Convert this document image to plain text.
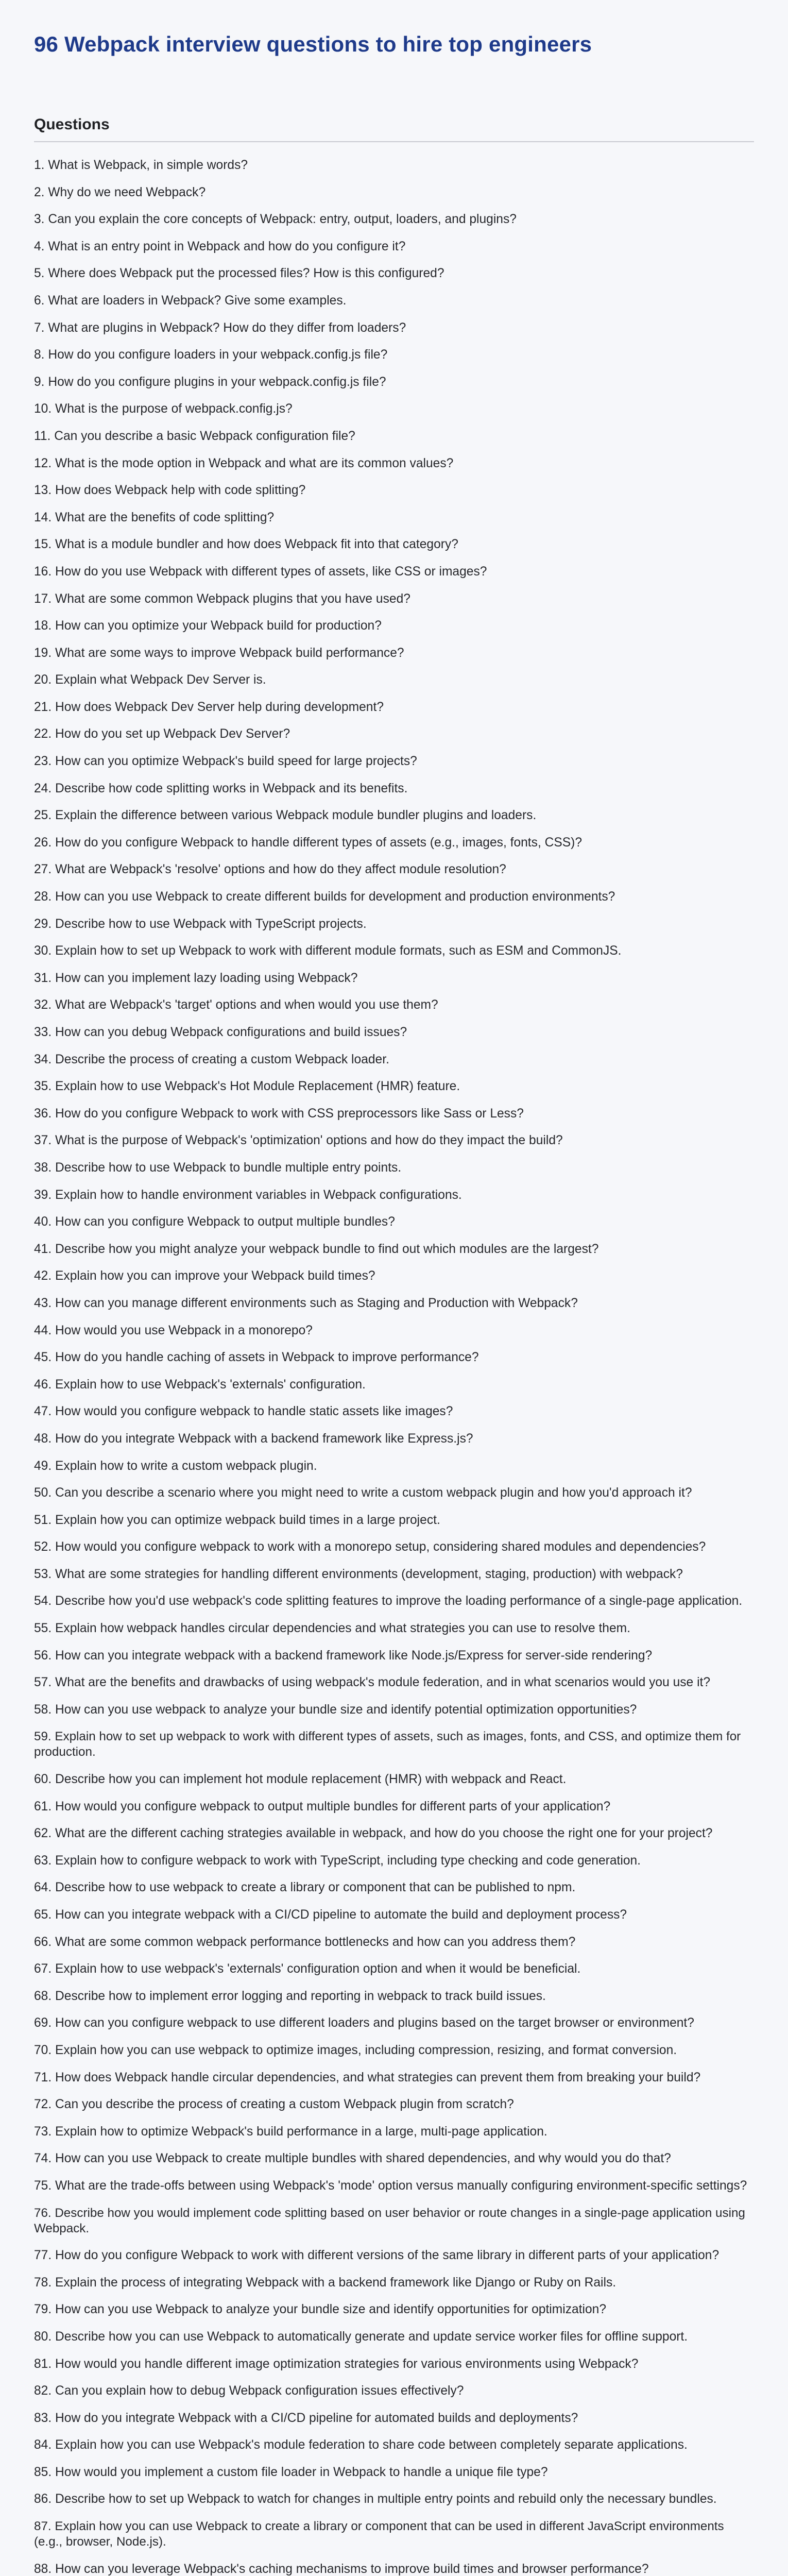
96 Webpack interview questions to hire top engineers
Questions
1. What is Webpack, in simple words?
2. Why do we need Webpack?
3. Can you explain the core concepts of Webpack: entry, output, loaders, and plugins?
4. What is an entry point in Webpack and how do you configure it?
5. Where does Webpack put the processed files? How is this configured?
6. What are loaders in Webpack? Give some examples.
7. What are plugins in Webpack? How do they differ from loaders?
8. How do you configure loaders in your webpack.config.js file?
9. How do you configure plugins in your webpack.config.js file?
10. What is the purpose of webpack.config.js?
11. Can you describe a basic Webpack configuration file?
12. What is the mode option in Webpack and what are its common values?
13. How does Webpack help with code splitting?
14. What are the benefits of code splitting?
15. What is a module bundler and how does Webpack fit into that category?
16. How do you use Webpack with different types of assets, like CSS or images?
17. What are some common Webpack plugins that you have used?
18. How can you optimize your Webpack build for production?
19. What are some ways to improve Webpack build performance?
20. Explain what Webpack Dev Server is.
21. How does Webpack Dev Server help during development?
22. How do you set up Webpack Dev Server?
23. How can you optimize Webpack's build speed for large projects?
24. Describe how code splitting works in Webpack and its benefits.
25. Explain the difference between various Webpack module bundler plugins and loaders.
26. How do you configure Webpack to handle different types of assets (e.g., images, fonts, CSS)?
27. What are Webpack's 'resolve' options and how do they affect module resolution?
28. How can you use Webpack to create different builds for development and production environments?
29. Describe how to use Webpack with TypeScript projects.
30. Explain how to set up Webpack to work with different module formats, such as ESM and CommonJS.
31. How can you implement lazy loading using Webpack?
32. What are Webpack's 'target' options and when would you use them?
33. How can you debug Webpack configurations and build issues?
34. Describe the process of creating a custom Webpack loader.
35. Explain how to use Webpack's Hot Module Replacement (HMR) feature.
36. How do you configure Webpack to work with CSS preprocessors like Sass or Less?
37. What is the purpose of Webpack's 'optimization' options and how do they impact the build?
38. Describe how to use Webpack to bundle multiple entry points.
39. Explain how to handle environment variables in Webpack configurations.
40. How can you configure Webpack to output multiple bundles?
41. Describe how you might analyze your webpack bundle to find out which modules are the largest?
42. Explain how you can improve your Webpack build times?
43. How can you manage different environments such as Staging and Production with Webpack?
44. How would you use Webpack in a monorepo?
45. How do you handle caching of assets in Webpack to improve performance?
46. Explain how to use Webpack's 'externals' configuration.
47. How would you configure webpack to handle static assets like images?
48. How do you integrate Webpack with a backend framework like Express.js?
49. Explain how to write a custom webpack plugin.
50. Can you describe a scenario where you might need to write a custom webpack plugin and how you'd approach it?
51. Explain how you can optimize webpack build times in a large project.
52. How would you configure webpack to work with a monorepo setup, considering shared modules and dependencies?
53. What are some strategies for handling different environments (development, staging, production) with webpack?
54. Describe how you'd use webpack's code splitting features to improve the loading performance of a single-page application.
55. Explain how webpack handles circular dependencies and what strategies you can use to resolve them.
56. How can you integrate webpack with a backend framework like Node.js/Express for server-side rendering?
57. What are the benefits and drawbacks of using webpack's module federation, and in what scenarios would you use it?
58. How can you use webpack to analyze your bundle size and identify potential optimization opportunities?
59. Explain how to set up webpack to work with different types of assets, such as images, fonts, and CSS, and optimize them for production.
60. Describe how you can implement hot module replacement (HMR) with webpack and React.
61. How would you configure webpack to output multiple bundles for different parts of your application?
62. What are the different caching strategies available in webpack, and how do you choose the right one for your project?
63. Explain how to configure webpack to work with TypeScript, including type checking and code generation.
64. Describe how to use webpack to create a library or component that can be published to npm.
65. How can you integrate webpack with a CI/CD pipeline to automate the build and deployment process?
66. What are some common webpack performance bottlenecks and how can you address them?
67. Explain how to use webpack's 'externals' configuration option and when it would be beneficial.
68. Describe how to implement error logging and reporting in webpack to track build issues.
69. How can you configure webpack to use different loaders and plugins based on the target browser or environment?
70. Explain how you can use webpack to optimize images, including compression, resizing, and format conversion.
71. How does Webpack handle circular dependencies, and what strategies can prevent them from breaking your build?
72. Can you describe the process of creating a custom Webpack plugin from scratch?
73. Explain how to optimize Webpack's build performance in a large, multi-page application.
74. How can you use Webpack to create multiple bundles with shared dependencies, and why would you do that?
75. What are the trade-offs between using Webpack's 'mode' option versus manually configuring environment-specific settings?
76. Describe how you would implement code splitting based on user behavior or route changes in a single-page application using Webpack.
77. How do you configure Webpack to work with different versions of the same library in different parts of your application?
78. Explain the process of integrating Webpack with a backend framework like Django or Ruby on Rails.
79. How can you use Webpack to analyze your bundle size and identify opportunities for optimization?
80. Describe how you can use Webpack to automatically generate and update service worker files for offline support.
81. How would you handle different image optimization strategies for various environments using Webpack?
82. Can you explain how to debug Webpack configuration issues effectively?
83. How do you integrate Webpack with a CI/CD pipeline for automated builds and deployments?
84. Explain how you can use Webpack's module federation to share code between completely separate applications.
85. How would you implement a custom file loader in Webpack to handle a unique file type?
86. Describe how to set up Webpack to watch for changes in multiple entry points and rebuild only the necessary bundles.
87. Explain how you can use Webpack to create a library or component that can be used in different JavaScript environments (e.g., browser, Node.js).
88. How can you leverage Webpack's caching mechanisms to improve build times and browser performance?
